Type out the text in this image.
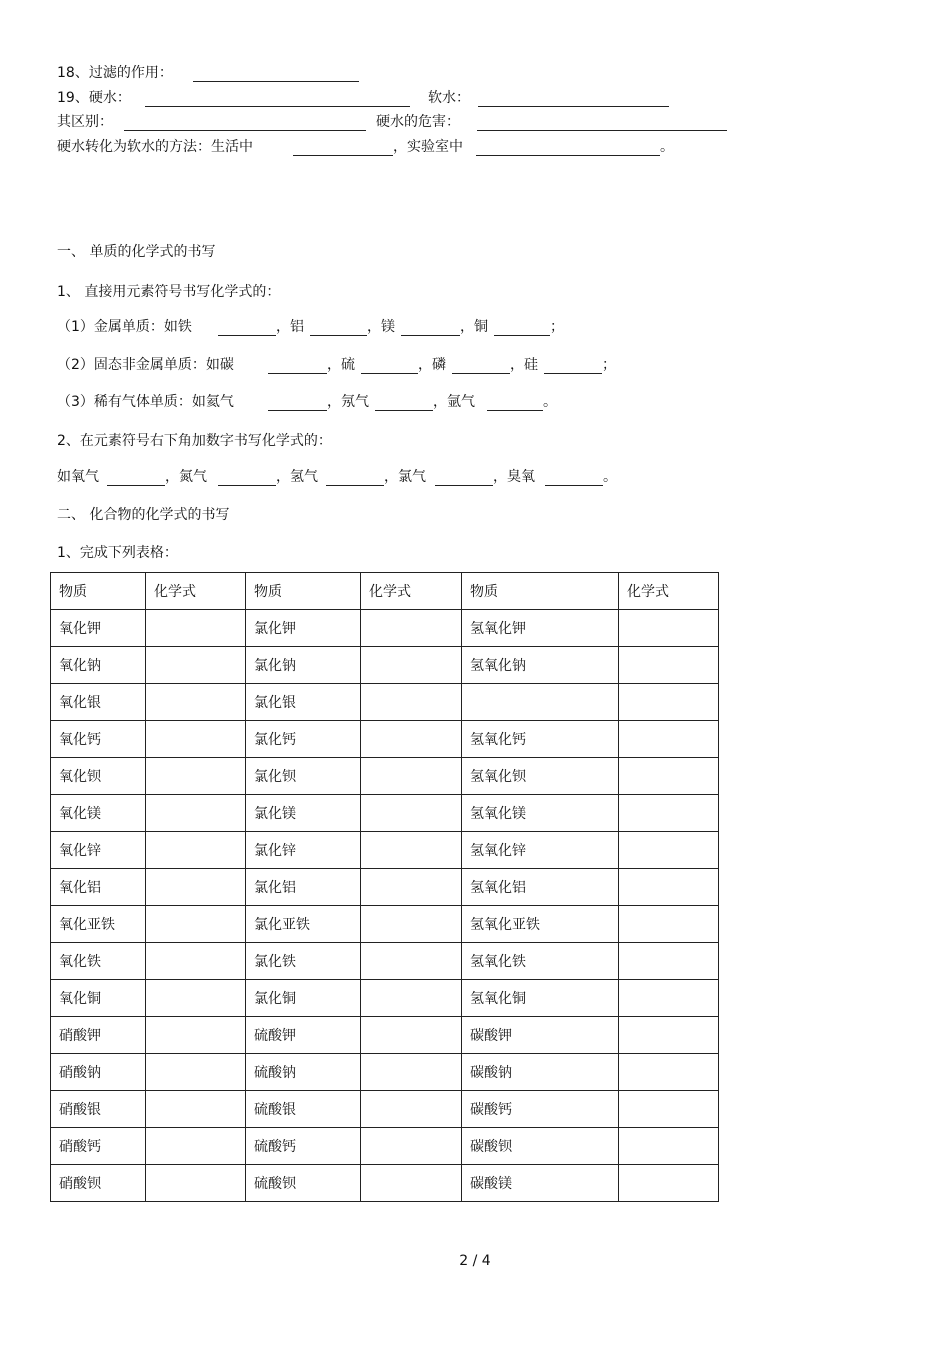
18、过滤的作用：
19、硬水：	软水：
其区别：	硬水的危害：
硬水转化为软水的方法：生活中	，实验室中	。
一、 单质的化学式的书写
1、 直接用元素符号书写化学式的：
（1）金属单质：如铁	，铝	，镁	，铜	；
（2）固态非金属单质：如碳	，硫	，磷	，硅	；
（3）稀有气体单质：如氦气	，氖气	，氩气	。
2、在元素符号右下角加数字书写化学式的：
如氧气	，氮气	，氢气	，氯气	，臭氧	。
二、 化合物的化学式的书写
1、完成下列表格：
物质	化学式	物质	化学式	物质	化学式
氧化钾		氯化钾		氢氧化钾	
氧化钠		氯化钠		氢氧化钠	
氧化银		氯化银			
氧化钙		氯化钙		氢氧化钙	
氧化钡		氯化钡		氢氧化钡	
氧化镁		氯化镁		氢氧化镁	
氧化锌		氯化锌		氢氧化锌	
氧化铝		氯化铝		氢氧化铝	
氧化亚铁		氯化亚铁		氢氧化亚铁	
氧化铁		氯化铁		氢氧化铁	
氧化铜		氯化铜		氢氧化铜	
硝酸钾		硫酸钾		碳酸钾	
硝酸钠		硫酸钠		碳酸钠	
硝酸银		硫酸银		碳酸钙	
硝酸钙		硫酸钙		碳酸钡	
硝酸钡		硫酸钡		碳酸镁	
2 / 4
